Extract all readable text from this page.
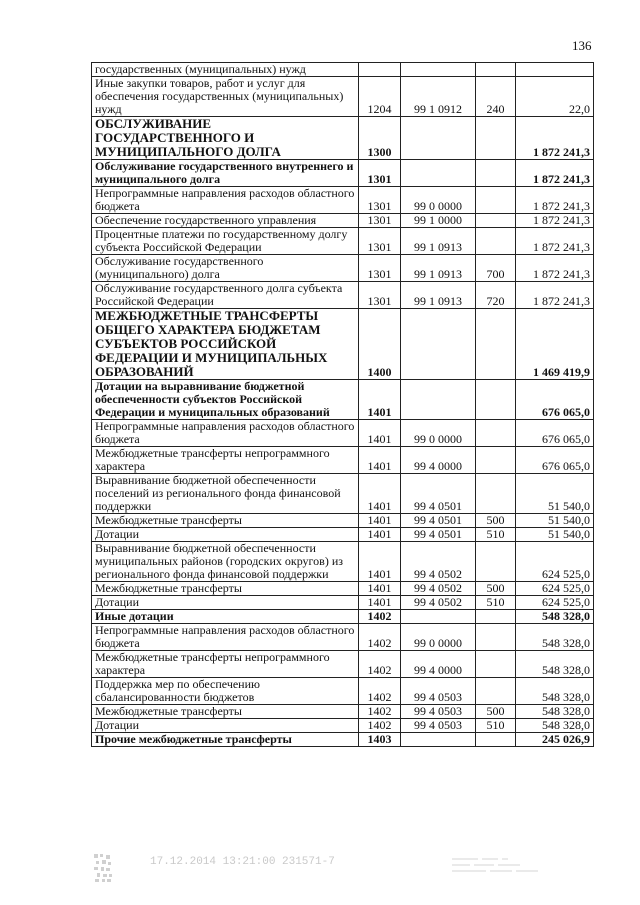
136
государственных (муниципальных) нужд				
Иные закупки товаров, работ и услуг для обеспечения государственных (муниципальных) нужд	1204	99 1 0912	240	22,0
ОБСЛУЖИВАНИЕ ГОСУДАРСТВЕННОГО И МУНИЦИПАЛЬНОГО ДОЛГА	1300			1 872 241,3
Обслуживание государственного внутреннего и муниципального долга	1301			1 872 241,3
Непрограммные направления расходов областного бюджета	1301	99 0 0000		1 872 241,3
Обеспечение государственного управления	1301	99 1 0000		1 872 241,3
Процентные платежи по государственному долгу субъекта Российской Федерации	1301	99 1 0913		1 872 241,3
Обслуживание государственного (муниципального) долга	1301	99 1 0913	700	1 872 241,3
Обслуживание государственного долга субъекта Российской Федерации	1301	99 1 0913	720	1 872 241,3
МЕЖБЮДЖЕТНЫЕ ТРАНСФЕРТЫ ОБЩЕГО ХАРАКТЕРА БЮДЖЕТАМ СУБЪЕКТОВ РОССИЙСКОЙ ФЕДЕРАЦИИ И МУНИЦИПАЛЬНЫХ ОБРАЗОВАНИЙ	1400			1 469 419,9
Дотации на выравнивание бюджетной обеспеченности субъектов Российской Федерации и муниципальных образований	1401			676 065,0
Непрограммные направления расходов областного бюджета	1401	99 0 0000		676 065,0
Межбюджетные трансферты непрограммного характера	1401	99 4 0000		676 065,0
Выравнивание бюджетной обеспеченности поселений из регионального фонда финансовой поддержки	1401	99 4 0501		51 540,0
Межбюджетные трансферты	1401	99 4 0501	500	51 540,0
Дотации	1401	99 4 0501	510	51 540,0
Выравнивание бюджетной обеспеченности муниципальных районов (городских округов) из регионального фонда финансовой поддержки	1401	99 4 0502		624 525,0
Межбюджетные трансферты	1401	99 4 0502	500	624 525,0
Дотации	1401	99 4 0502	510	624 525,0
Иные дотации	1402			548 328,0
Непрограммные направления расходов областного бюджета	1402	99 0 0000		548 328,0
Межбюджетные трансферты непрограммного характера	1402	99 4 0000		548 328,0
Поддержка мер по обеспечению сбалансированности бюджетов	1402	99 4 0503		548 328,0
Межбюджетные трансферты	1402	99 4 0503	500	548 328,0
Дотации	1402	99 4 0503	510	548 328,0
Прочие межбюджетные трансферты	1403			245 026,9
17.12.2014 13:21:00 231571-7
